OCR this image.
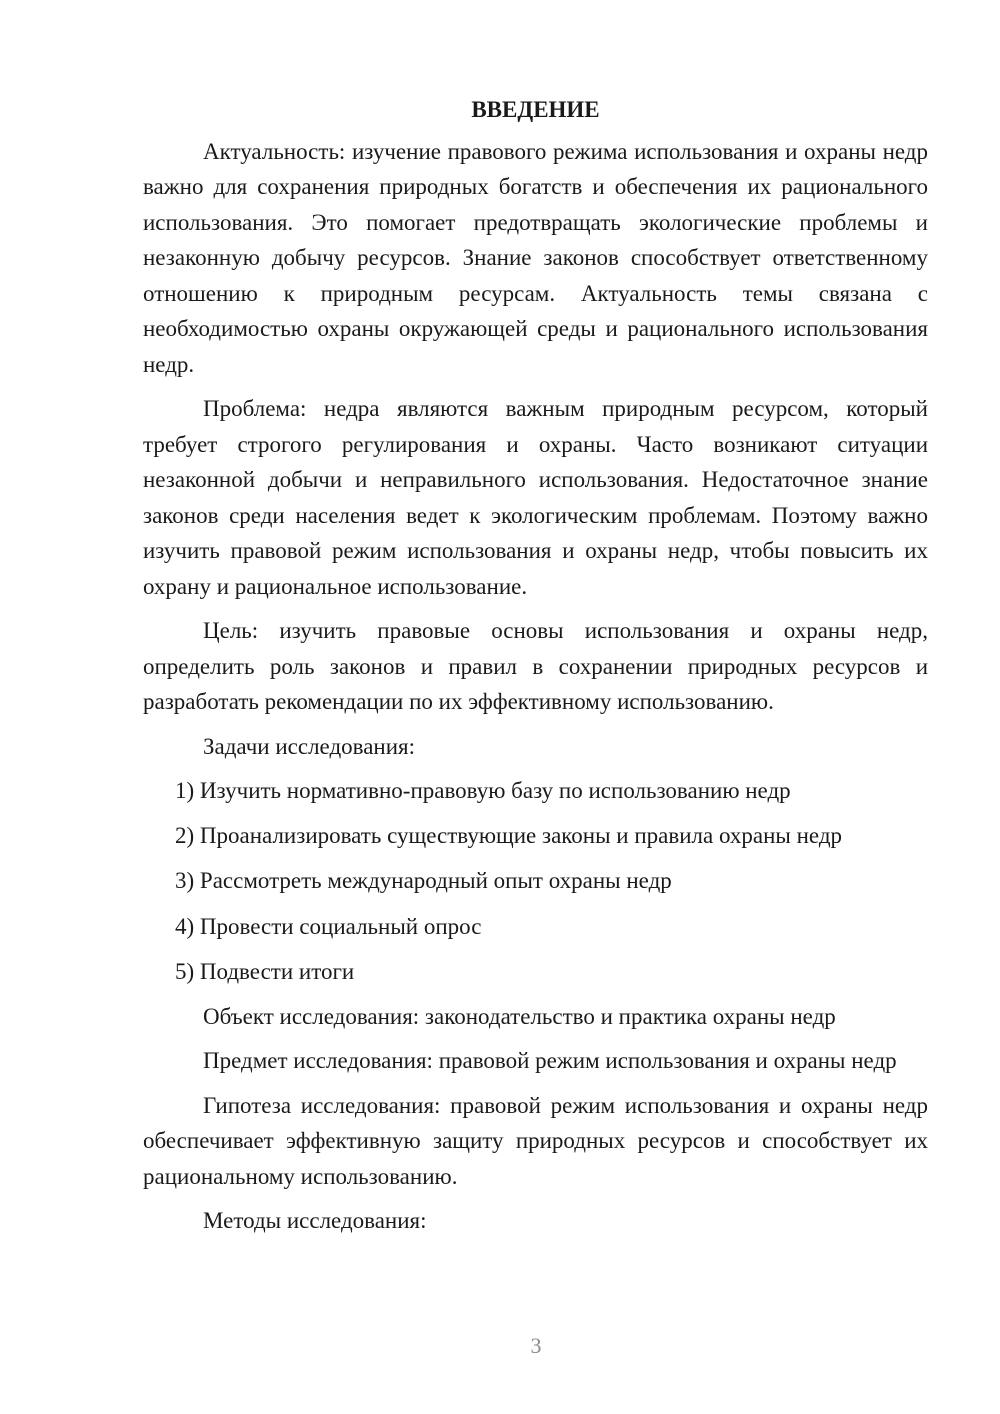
ВВЕДЕНИЕ

Актуальность: изучение правового режима использования и охраны недр важно для сохранения природных богатств и обеспечения их рационального использования. Это помогает предотвращать экологические проблемы и незаконную добычу ресурсов. Знание законов способствует ответственному отношению к природным ресурсам. Актуальность темы связана с необходимостью охраны окружающей среды и рационального использования недр.

Проблема: недра являются важным природным ресурсом, который требует строгого регулирования и охраны. Часто возникают ситуации незаконной добычи и неправильного использования. Недостаточное знание законов среди населения ведет к экологическим проблемам. Поэтому важно изучить правовой режим использования и охраны недр, чтобы повысить их охрану и рациональное использование.

Цель: изучить правовые основы использования и охраны недр, определить роль законов и правил в сохранении природных ресурсов и разработать рекомендации по их эффективному использованию.

Задачи исследования:

1) Изучить нормативно-правовую базу по использованию недр
2) Проанализировать существующие законы и правила охраны недр
3) Рассмотреть международный опыт охраны недр
4) Провести социальный опрос
5) Подвести итоги

Объект исследования: законодательство и практика охраны недр

Предмет исследования: правовой режим использования и охраны недр

Гипотеза исследования: правовой режим использования и охраны недр обеспечивает эффективную защиту природных ресурсов и способствует их рациональному использованию.

Методы исследования:

3
